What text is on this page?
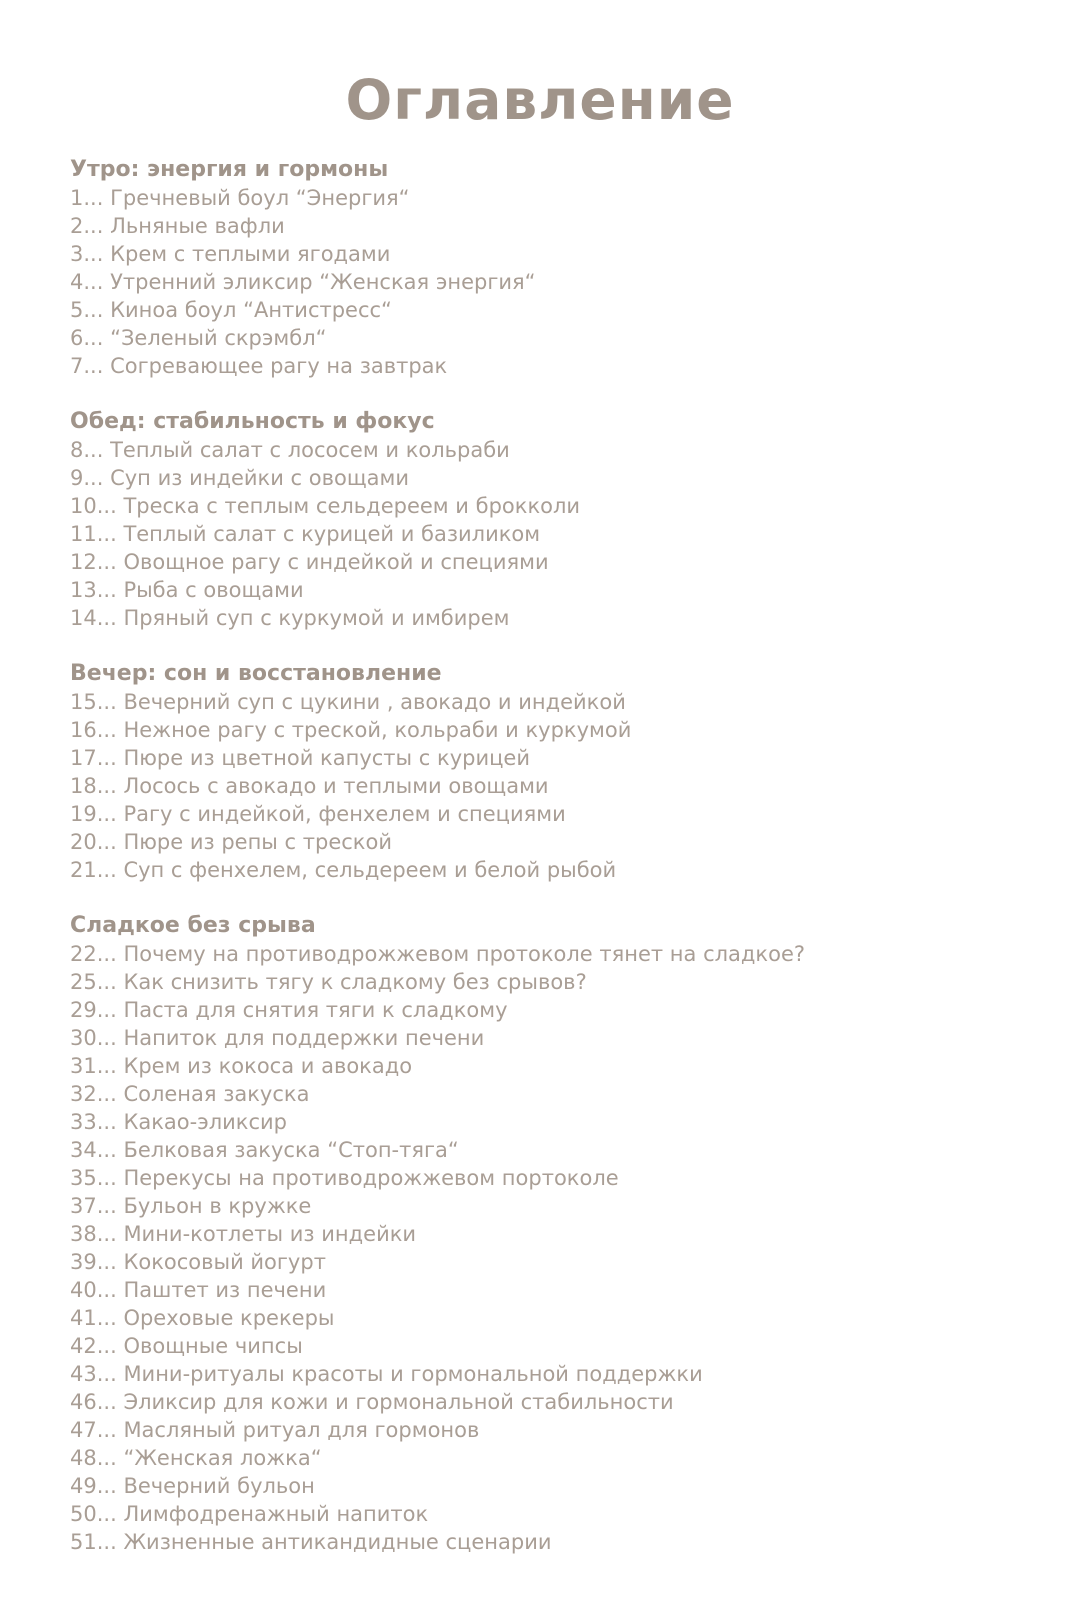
Оглавление
Утро: энергия и гормоны
1... Гречневый боул “Энергия“
2... Льняные вафли
3... Крем с теплыми ягодами
4... Утренний эликсир “Женская энергия“
5... Киноа боул “Антистресс“
6... “Зеленый скрэмбл“
7... Согревающее рагу на завтрак
Обед: стабильность и фокус
8... Теплый салат с лососем и кольраби
9... Суп из индейки с овощами
10... Треска с теплым сельдереем и брокколи
11... Теплый салат с курицей и базиликом
12... Овощное рагу с индейкой и специями
13... Рыба с овощами
14... Пряный суп с куркумой и имбирем
Вечер: сон и восстановление
15... Вечерний суп с цукини , авокадо и индейкой
16... Нежное рагу с треской, кольраби и куркумой
17... Пюре из цветной капусты с курицей
18... Лосось с авокадо и теплыми овощами
19... Рагу с индейкой, фенхелем и специями
20... Пюре из репы с треской
21... Суп с фенхелем, сельдереем и белой рыбой
Сладкое без срыва
22... Почему на противодрожжевом протоколе тянет на сладкое?
25... Как снизить тягу к сладкому без срывов?
29... Паста для снятия тяги к сладкому
30... Напиток для поддержки печени
31... Крем из кокоса и авокадо
32... Соленая закуска
33... Какао-эликсир
34... Белковая закуска “Стоп-тяга“
35... Перекусы на противодрожжевом портоколе
37... Бульон в кружке
38... Мини-котлеты из индейки
39... Кокосовый йогурт
40... Паштет из печени
41... Ореховые крекеры
42... Овощные чипсы
43... Мини-ритуалы красоты и гормональной поддержки
46... Эликсир для кожи и гормональной стабильности
47... Масляный ритуал для гормонов
48... “Женская ложка“
49... Вечерний бульон
50... Лимфодренажный напиток
51... Жизненные антикандидные сценарии
